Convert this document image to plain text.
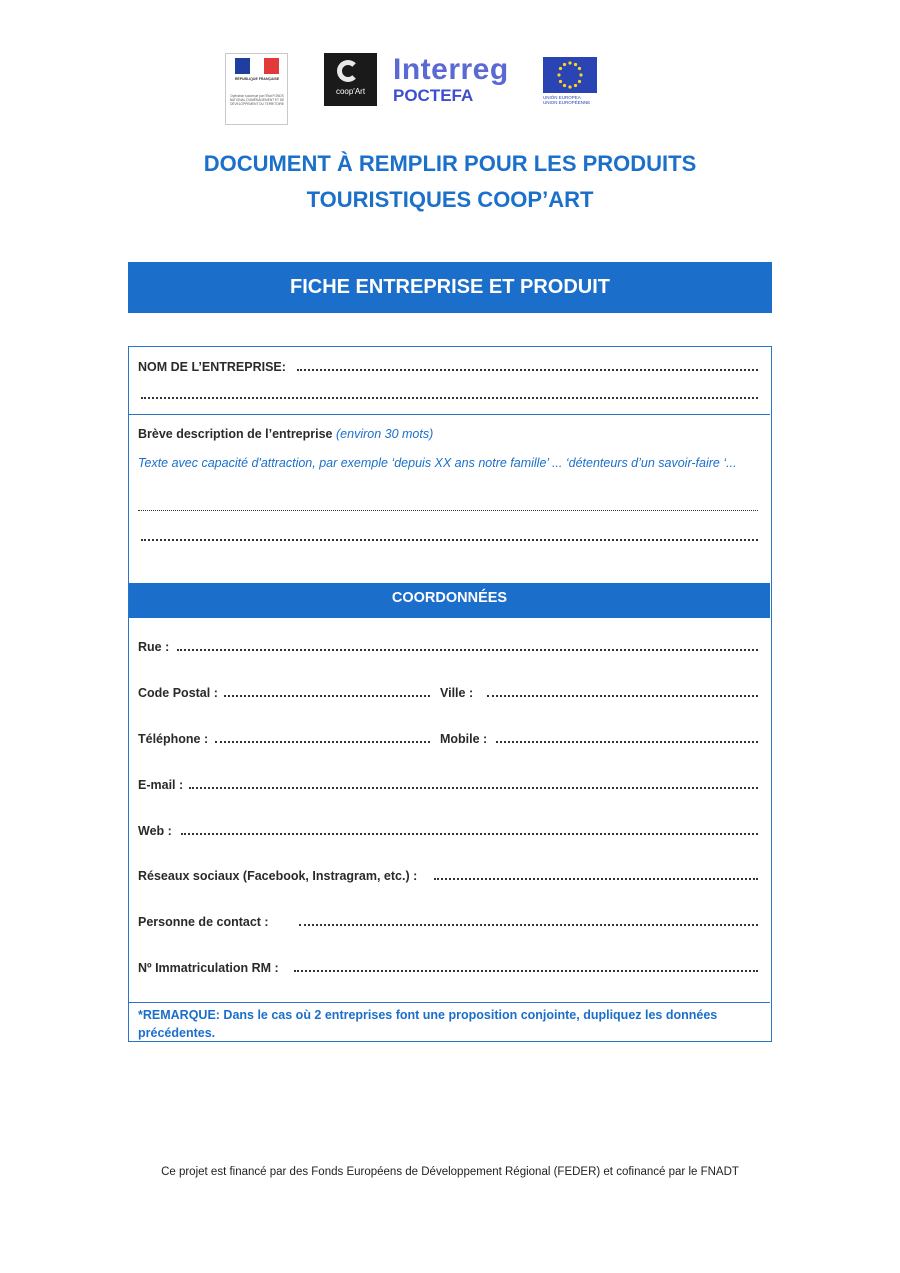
RÉPUBLIQUE FRANÇAISE
Opération soutenue par l'État FONDS NATIONAL D'AMÉNAGEMENT ET DE DÉVELOPPEMENT DU TERRITOIRE
coop'Art
Interreg
POCTEFA	UNIÓN EUROPEA
UNION EUROPÉENNE
DOCUMENT À REMPLIR POUR LES PRODUITS
TOURISTIQUES COOP’ART
FICHE ENTREPRISE ET PRODUIT
NOM DE L’ENTREPRISE:
Brève description de l’entreprise (environ 30 mots)
Texte avec capacité d'attraction, par exemple ‘depuis XX ans notre famille’ ... ‘détenteurs d’un savoir-faire ‘...
COORDONNÉES
Rue :
Code Postal :	Ville :
Téléphone :	Mobile :
E-mail :
Web :
Réseaux sociaux (Facebook, Instragram, etc.) :
Personne de contact :
Nº Immatriculation RM :
*REMARQUE: Dans le cas où 2 entreprises font une proposition conjointe, dupliquez les données précédentes.
Ce projet est financé par des Fonds Européens de Développement Régional (FEDER) et cofinancé par le FNADT
